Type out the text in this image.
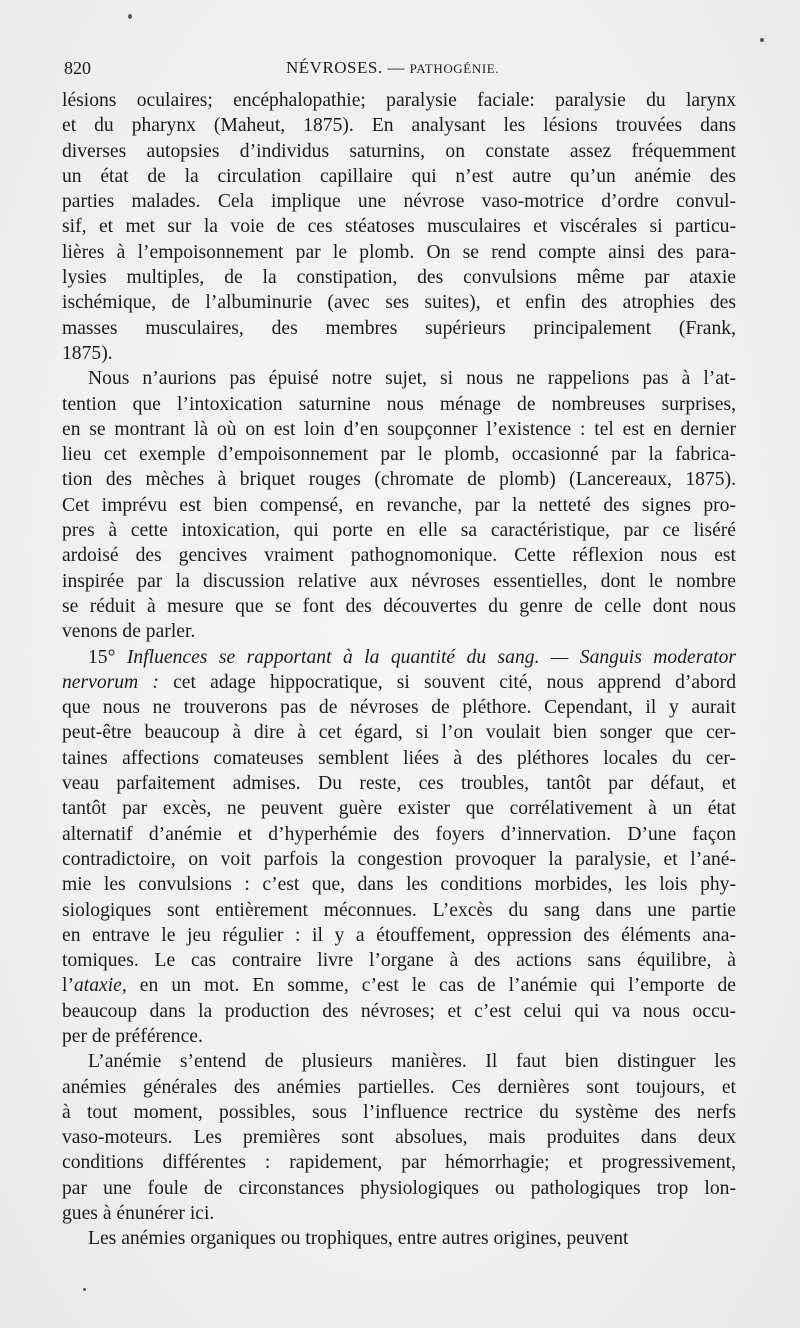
820	NÉVROSES. — PATHOGÉNIE.
lésions oculaires; encéphalopathie; paralysie faciale: paralysie du larynx
et du pharynx (Maheut, 1875). En analysant les lésions trouvées dans
diverses autopsies d’individus saturnins, on constate assez fréquemment
un état de la circulation capillaire qui n’est autre qu’un anémie des
parties malades. Cela implique une névrose vaso-motrice d’ordre convul-
sif, et met sur la voie de ces stéatoses musculaires et viscérales si particu-
lières à l’empoisonnement par le plomb. On se rend compte ainsi des para-
lysies multiples, de la constipation, des convulsions même par ataxie
ischémique, de l’albuminurie (avec ses suites), et enfin des atrophies des
masses musculaires, des membres supérieurs principalement (Frank,
1875).
Nous n’aurions pas épuisé notre sujet, si nous ne rappelions pas à l’at-
tention que l’intoxication saturnine nous ménage de nombreuses surprises,
en se montrant là où on est loin d’en soupçonner l’existence : tel est en dernier
lieu cet exemple d’empoisonnement par le plomb, occasionné par la fabrica-
tion des mèches à briquet rouges (chromate de plomb) (Lancereaux, 1875).
Cet imprévu est bien compensé, en revanche, par la netteté des signes pro-
pres à cette intoxication, qui porte en elle sa caractéristique, par ce liséré
ardoisé des gencives vraiment pathognomonique. Cette réflexion nous est
inspirée par la discussion relative aux névroses essentielles, dont le nombre
se réduit à mesure que se font des découvertes du genre de celle dont nous
venons de parler.
15° Influences se rapportant à la quantité du sang. — Sanguis moderator
nervorum : cet adage hippocratique, si souvent cité, nous apprend d’abord
que nous ne trouverons pas de névroses de pléthore. Cependant, il y aurait
peut-être beaucoup à dire à cet égard, si l’on voulait bien songer que cer-
taines affections comateuses semblent liées à des pléthores locales du cer-
veau parfaitement admises. Du reste, ces troubles, tantôt par défaut, et
tantôt par excès, ne peuvent guère exister que corrélativement à un état
alternatif d’anémie et d’hyperhémie des foyers d’innervation. D’une façon
contradictoire, on voit parfois la congestion provoquer la paralysie, et l’ané-
mie les convulsions : c’est que, dans les conditions morbides, les lois phy-
siologiques sont entièrement méconnues. L’excès du sang dans une partie
en entrave le jeu régulier : il y a étouffement, oppression des éléments ana-
tomiques. Le cas contraire livre l’organe à des actions sans équilibre, à
l’ataxie, en un mot. En somme, c’est le cas de l’anémie qui l’emporte de
beaucoup dans la production des névroses; et c’est celui qui va nous occu-
per de préférence.
L’anémie s’entend de plusieurs manières. Il faut bien distinguer les
anémies générales des anémies partielles. Ces dernières sont toujours, et
à tout moment, possibles, sous l’influence rectrice du système des nerfs
vaso-moteurs. Les premières sont absolues, mais produites dans deux
conditions différentes : rapidement, par hémorrhagie; et progressivement,
par une foule de circonstances physiologiques ou pathologiques trop lon-
gues à énunérer ici.
Les anémies organiques ou trophiques, entre autres origines, peuvent
